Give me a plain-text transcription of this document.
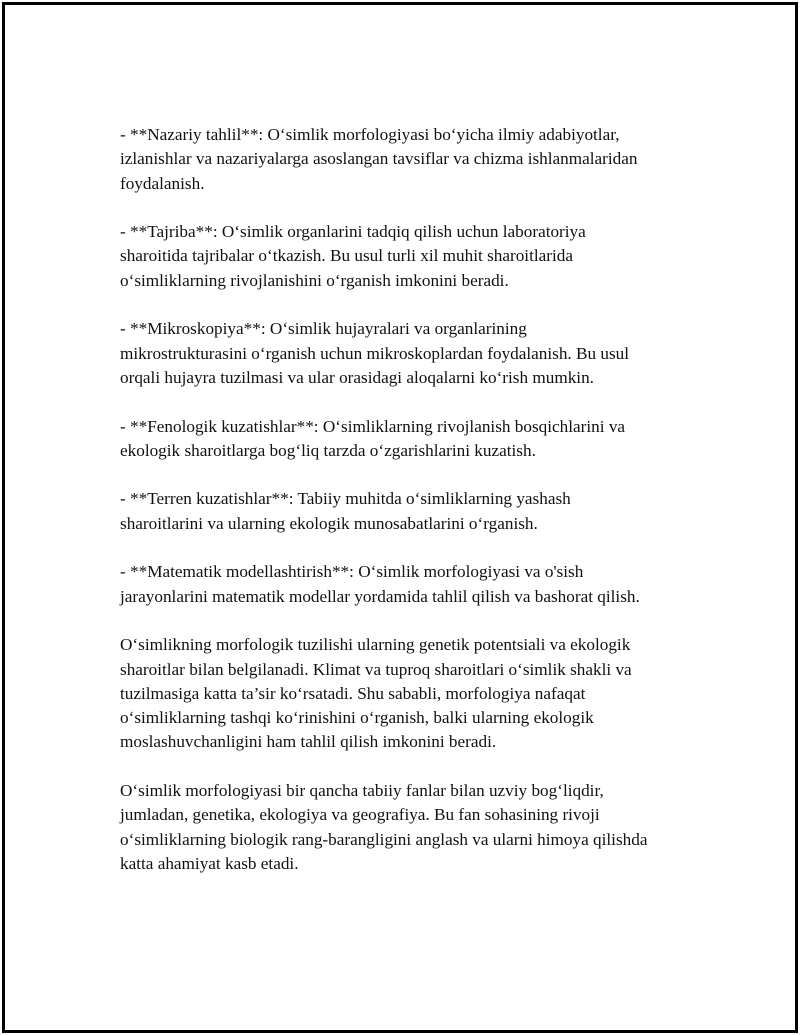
- **Nazariy tahlil**: O‘simlik morfologiyasi bo‘yicha ilmiy adabiyotlar,
izlanishlar va nazariyalarga asoslangan tavsiflar va chizma ishlanmalaridan
foydalanish.

- **Tajriba**: O‘simlik organlarini tadqiq qilish uchun laboratoriya
sharoitida tajribalar o‘tkazish. Bu usul turli xil muhit sharoitlarida
o‘simliklarning rivojlanishini o‘rganish imkonini beradi.

- **Mikroskopiya**: O‘simlik hujayralari va organlarining
mikrostrukturasini o‘rganish uchun mikroskoplardan foydalanish. Bu usul
orqali hujayra tuzilmasi va ular orasidagi aloqalarni ko‘rish mumkin.

- **Fenologik kuzatishlar**: O‘simliklarning rivojlanish bosqichlarini va
ekologik sharoitlarga bog‘liq tarzda o‘zgarishlarini kuzatish.

- **Terren kuzatishlar**: Tabiiy muhitda o‘simliklarning yashash
sharoitlarini va ularning ekologik munosabatlarini o‘rganish.

- **Matematik modellashtirish**: O‘simlik morfologiyasi va o'sish
jarayonlarini matematik modellar yordamida tahlil qilish va bashorat qilish.

O‘simlikning morfologik tuzilishi ularning genetik potentsiali va ekologik
sharoitlar bilan belgilanadi. Klimat va tuproq sharoitlari o‘simlik shakli va
tuzilmasiga katta ta’sir ko‘rsatadi. Shu sababli, morfologiya nafaqat
o‘simliklarning tashqi ko‘rinishini o‘rganish, balki ularning ekologik
moslashuvchanligini ham tahlil qilish imkonini beradi.

O‘simlik morfologiyasi bir qancha tabiiy fanlar bilan uzviy bog‘liqdir,
jumladan, genetika, ekologiya va geografiya. Bu fan sohasining rivoji
o‘simliklarning biologik rang-barangligini anglash va ularni himoya qilishda
katta ahamiyat kasb etadi.
